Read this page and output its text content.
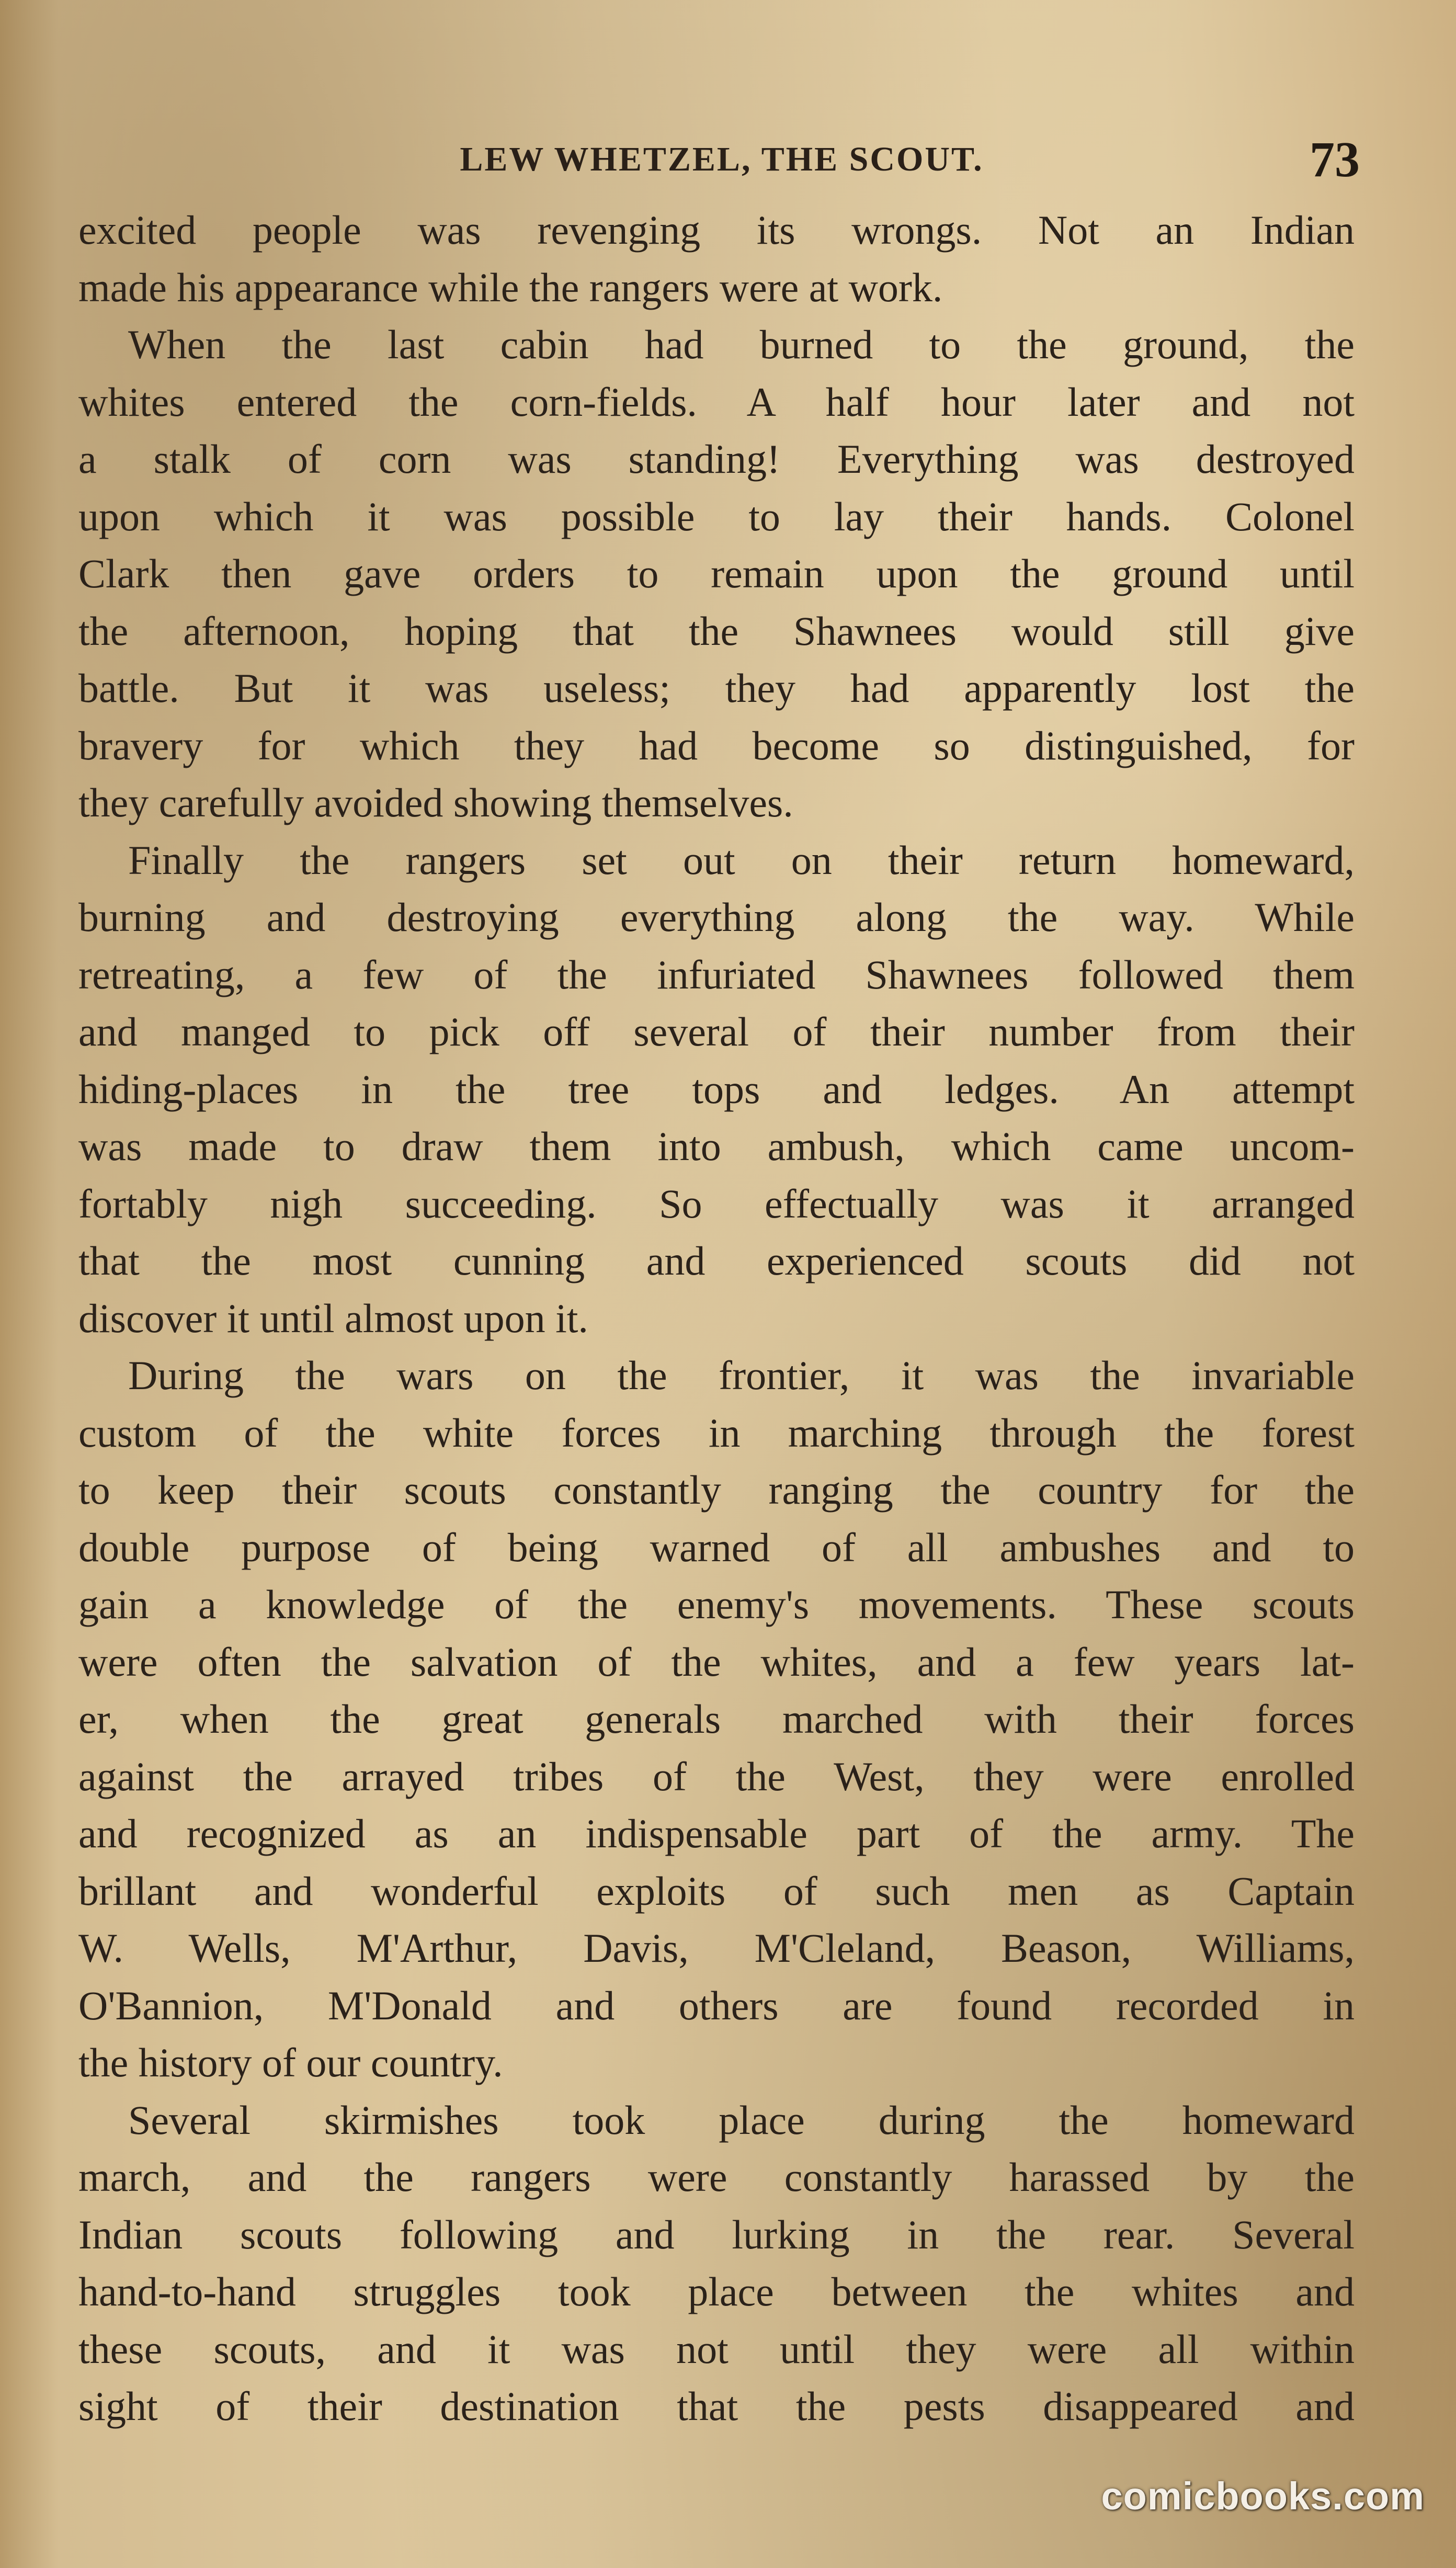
LEW WHETZEL, THE SCOUT.	73
excited people was revenging its wrongs. Not an Indian
made his appearance while the rangers were at work.
When the last cabin had burned to the ground, the
whites entered the corn-fields. A half hour later and not
a stalk of corn was standing! Everything was destroyed
upon which it was possible to lay their hands. Colonel
Clark then gave orders to remain upon the ground until
the afternoon, hoping that the Shawnees would still give
battle. But it was useless; they had apparently lost the
bravery for which they had become so distinguished, for
they carefully avoided showing themselves.
Finally the rangers set out on their return homeward,
burning and destroying everything along the way. While
retreating, a few of the infuriated Shawnees followed them
and manged to pick off several of their number from their
hiding-places in the tree tops and ledges. An attempt
was made to draw them into ambush, which came uncom-
fortably nigh succeeding. So effectually was it arranged
that the most cunning and experienced scouts did not
discover it until almost upon it.
During the wars on the frontier, it was the invariable
custom of the white forces in marching through the forest
to keep their scouts constantly ranging the country for the
double purpose of being warned of all ambushes and to
gain a knowledge of the enemy's movements. These scouts
were often the salvation of the whites, and a few years lat-
er, when the great generals marched with their forces
against the arrayed tribes of the West, they were enrolled
and recognized as an indispensable part of the army. The
brillant and wonderful exploits of such men as Captain
W. Wells, M'Arthur, Davis, M'Cleland, Beason, Williams,
O'Bannion, M'Donald and others are found recorded in
the history of our country.
Several skirmishes took place during the homeward
march, and the rangers were constantly harassed by the
Indian scouts following and lurking in the rear. Several
hand-to-hand struggles took place between the whites and
these scouts, and it was not until they were all within
sight of their destination that the pests disappeared and
comicbooks.com
